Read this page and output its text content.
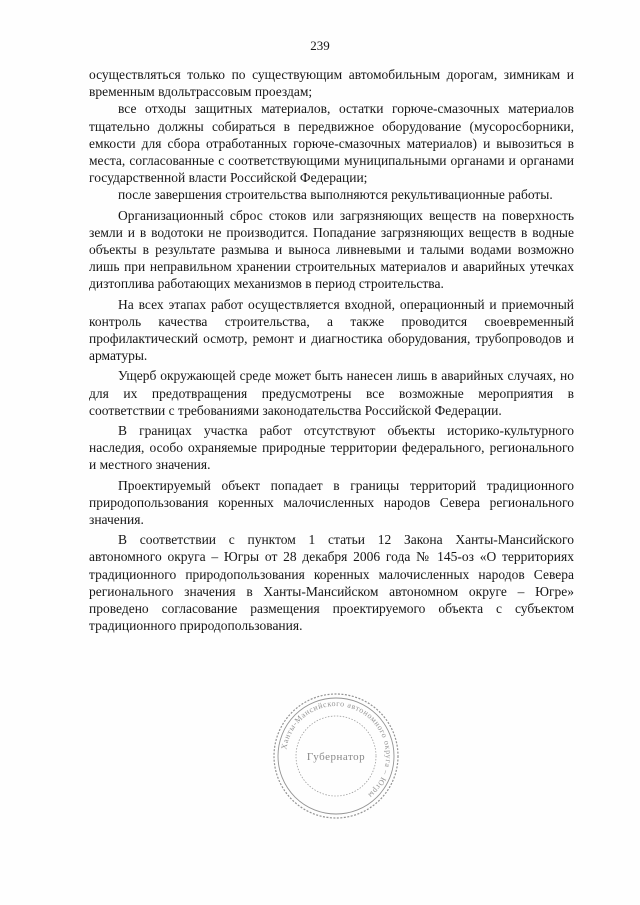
239

осуществляться только по существующим автомобильным дорогам, зимникам и временным вдольтрассовым проездам;

все отходы защитных материалов, остатки горюче-смазочных материалов тщательно должны собираться в передвижное оборудование (мусоросборники, емкости для сбора отработанных горюче-смазочных материалов) и вывозиться в места, согласованные с соответствующими муниципальными органами и органами государственной власти Российской Федерации;

после завершения строительства выполняются рекультивационные работы.

Организационный сброс стоков или загрязняющих веществ на поверхность земли и в водотоки не производится. Попадание загрязняющих веществ в водные объекты в результате размыва и выноса ливневыми и талыми водами возможно лишь при неправильном хранении строительных материалов и аварийных утечках дизтоплива работающих механизмов в период строительства.

На всех этапах работ осуществляется входной, операционный и приемочный контроль качества строительства, а также проводится своевременный профилактический осмотр, ремонт и диагностика оборудования, трубопроводов и арматуры.

Ущерб окружающей среде может быть нанесен лишь в аварийных случаях, но для их предотвращения предусмотрены все возможные мероприятия в соответствии с требованиями законодательства Российской Федерации.

В границах участка работ отсутствуют объекты историко-культурного наследия, особо охраняемые природные территории федерального, регионального и местного значения.

Проектируемый объект попадает в границы территорий традиционного природопользования коренных малочисленных народов Севера регионального значения.

В соответствии с пунктом 1 статьи 12 Закона Ханты-Мансийского автономного округа – Югры от 28 декабря 2006 года № 145-оз «О территориях традиционного природопользования коренных малочисленных народов Севера регионального значения в Ханты-Мансийском автономном округе – Югре» проведено согласование размещения проектируемого объекта с субъектом традиционного природопользования.

Ханты-Мансийского автономного округа – Югры
Губернатор
